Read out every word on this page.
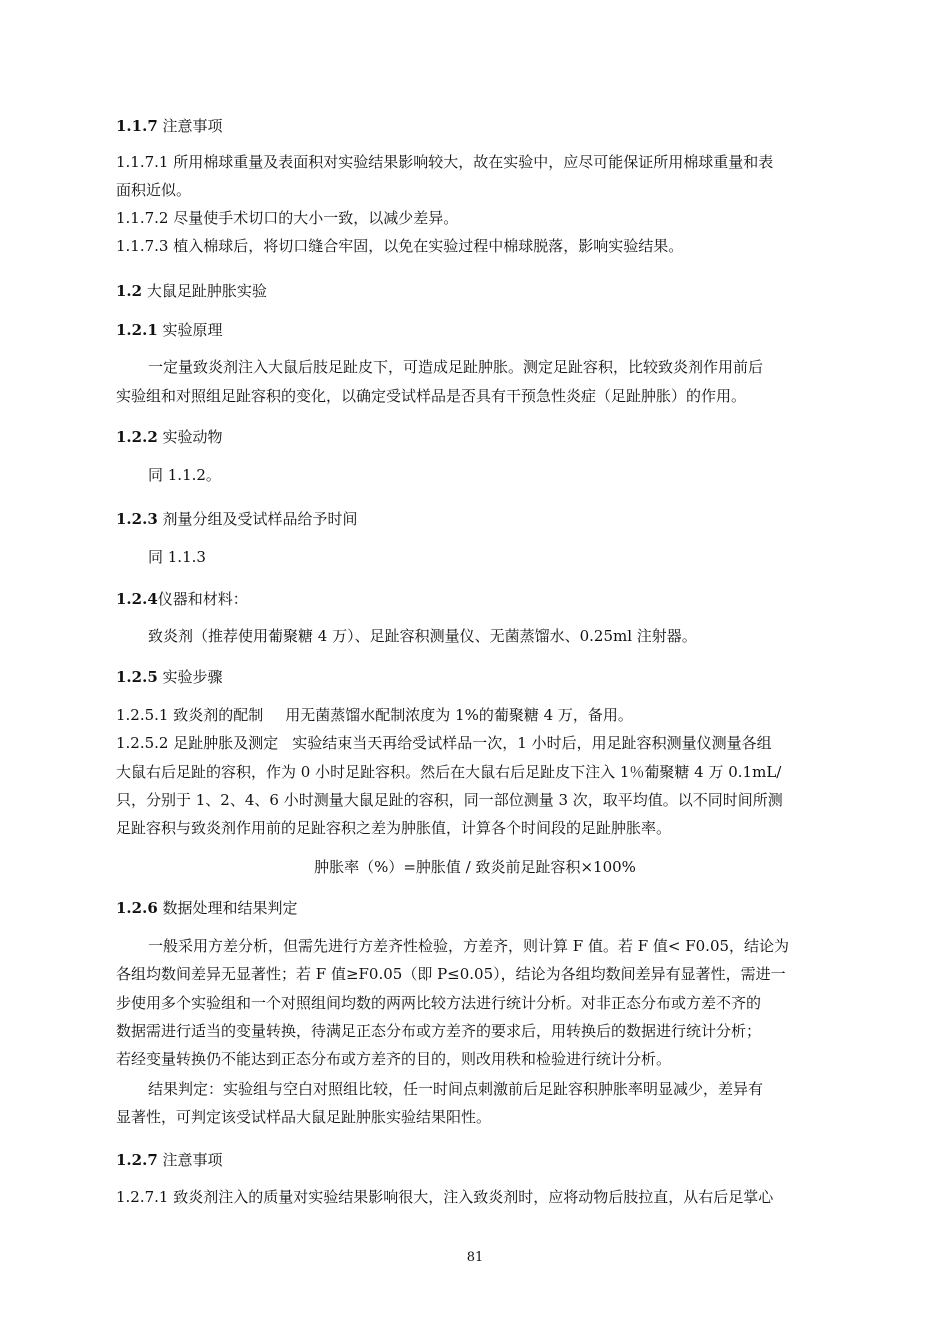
1.1.7 注意事项
1.1.7.1 所用棉球重量及表面积对实验结果影响较大，故在实验中，应尽可能保证所用棉球重量和表
面积近似。
1.1.7.2 尽量使手术切口的大小一致，以减少差异。
1.1.7.3 植入棉球后，将切口缝合牢固，以免在实验过程中棉球脱落，影响实验结果。
1.2 大鼠足趾肿胀实验
1.2.1 实验原理
一定量致炎剂注入大鼠后肢足趾皮下，可造成足趾肿胀。测定足趾容积，比较致炎剂作用前后
实验组和对照组足趾容积的变化，以确定受试样品是否具有干预急性炎症（足趾肿胀）的作用。
1.2.2 实验动物
同 1.1.2。
1.2.3 剂量分组及受试样品给予时间
同 1.1.3
1.2.4仪器和材料：
致炎剂（推荐使用葡聚糖 4 万）、足趾容积测量仪、无菌蒸馏水、0.25ml 注射器。
1.2.5 实验步骤
1.2.5.1 致炎剂的配制 用无菌蒸馏水配制浓度为 1%的葡聚糖 4 万，备用。
1.2.5.2 足趾肿胀及测定 实验结束当天再给受试样品一次，1 小时后，用足趾容积测量仪测量各组
大鼠右后足趾的容积，作为 0 小时足趾容积。然后在大鼠右后足趾皮下注入 1％葡聚糖 4 万 0.1mL/
只，分别于 1、2、4、6 小时测量大鼠足趾的容积，同一部位测量 3 次，取平均值。以不同时间所测
足趾容积与致炎剂作用前的足趾容积之差为肿胀值，计算各个时间段的足趾肿胀率。
肿胀率（%）=肿胀值 / 致炎前足趾容积×100%
1.2.6 数据处理和结果判定
一般采用方差分析，但需先进行方差齐性检验，方差齐，则计算 F 值。若 F 值< F0.05，结论为
各组均数间差异无显著性；若 F 值≥F0.05（即 P≤0.05），结论为各组均数间差异有显著性，需进一
步使用多个实验组和一个对照组间均数的两两比较方法进行统计分析。对非正态分布或方差不齐的
数据需进行适当的变量转换，待满足正态分布或方差齐的要求后，用转换后的数据进行统计分析；
若经变量转换仍不能达到正态分布或方差齐的目的，则改用秩和检验进行统计分析。
结果判定：实验组与空白对照组比较，任一时间点刺激前后足趾容积肿胀率明显减少，差异有
显著性，可判定该受试样品大鼠足趾肿胀实验结果阳性。
1.2.7 注意事项
1.2.7.1 致炎剂注入的质量对实验结果影响很大，注入致炎剂时，应将动物后肢拉直，从右后足掌心
81
